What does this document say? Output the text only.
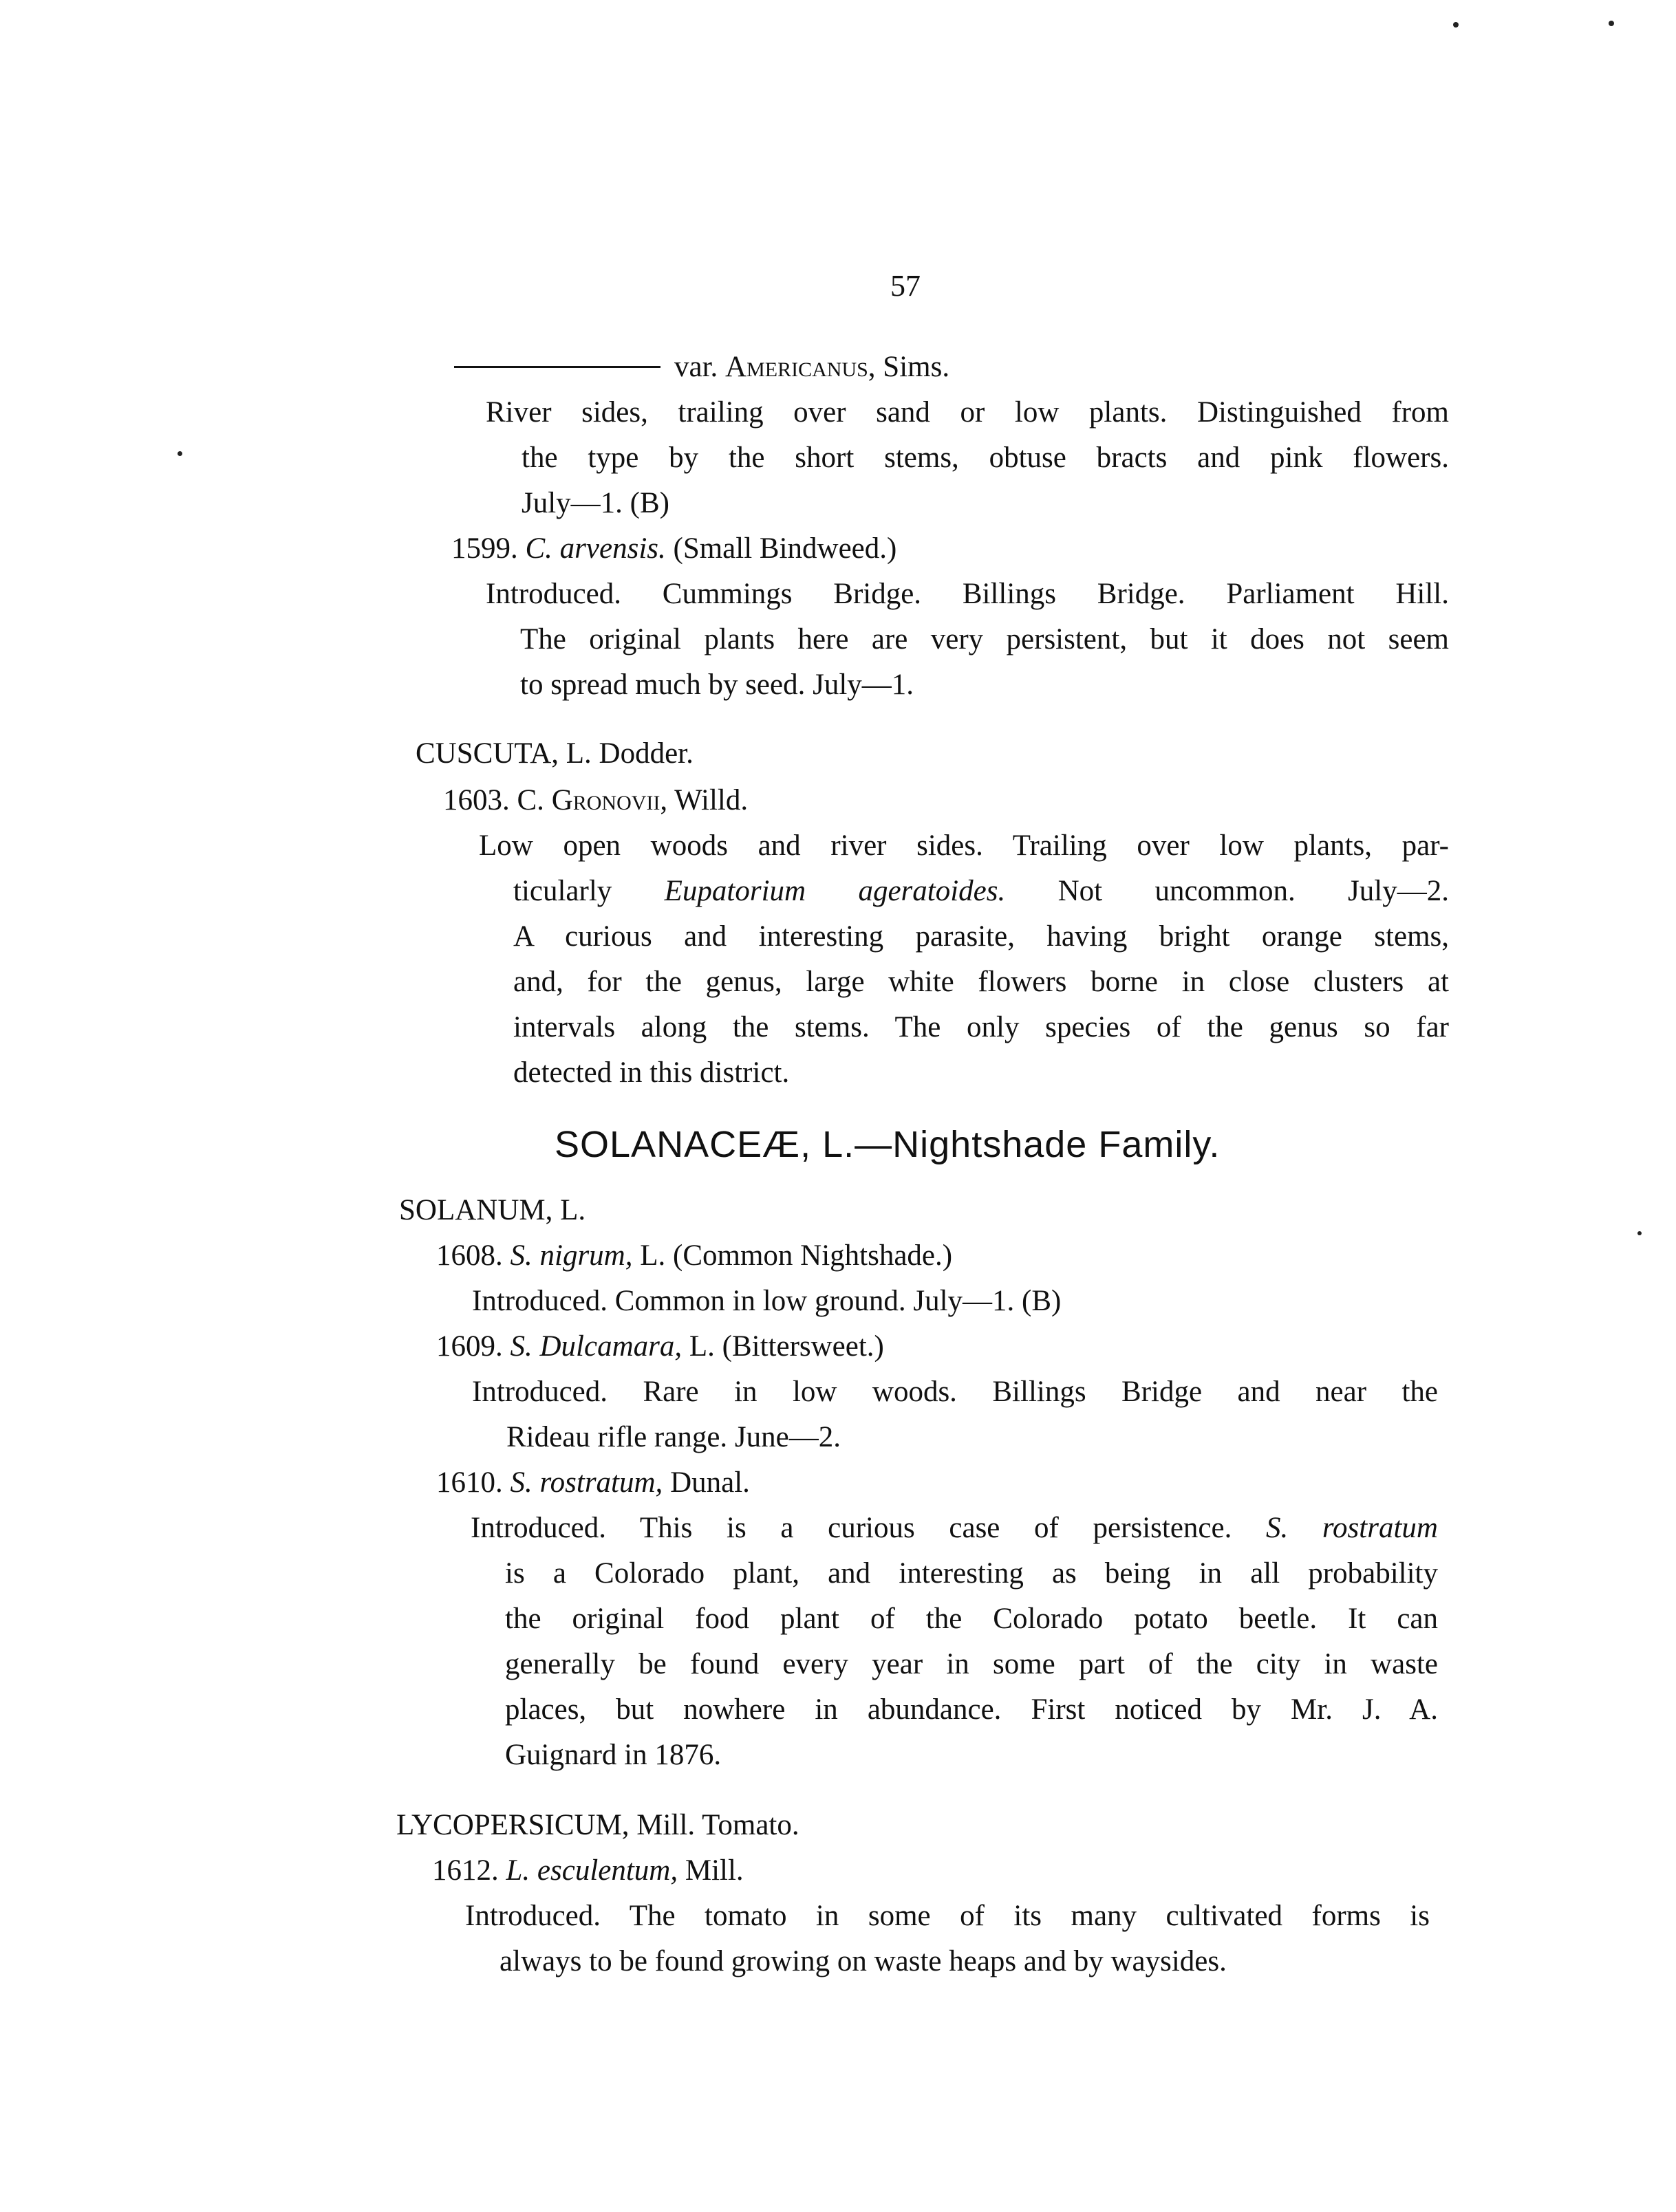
57
var. Americanus, Sims.
River sides, trailing over sand or low plants. Distinguished from
the type by the short stems, obtuse bracts and pink flowers.
July—1. (B)
1599. C. arvensis. (Small Bindweed.)
Introduced. Cummings Bridge. Billings Bridge. Parliament Hill.
The original plants here are very persistent, but it does not seem
to spread much by seed. July—1.
CUSCUTA, L. Dodder.
1603. C. Gronovii, Willd.
Low open woods and river sides. Trailing over low plants, par-
ticularly Eupatorium ageratoides. Not uncommon. July—2.
A curious and interesting parasite, having bright orange stems,
and, for the genus, large white flowers borne in close clusters at
intervals along the stems. The only species of the genus so far
detected in this district.
SOLANACEÆ, L.—Nightshade Family.
SOLANUM, L.
1608. S. nigrum, L. (Common Nightshade.)
Introduced. Common in low ground. July—1. (B)
1609. S. Dulcamara, L. (Bittersweet.)
Introduced. Rare in low woods. Billings Bridge and near the
Rideau rifle range. June—2.
1610. S. rostratum, Dunal.
Introduced. This is a curious case of persistence. S. rostratum
is a Colorado plant, and interesting as being in all probability
the original food plant of the Colorado potato beetle. It can
generally be found every year in some part of the city in waste
places, but nowhere in abundance. First noticed by Mr. J. A.
Guignard in 1876.
LYCOPERSICUM, Mill. Tomato.
1612. L. esculentum, Mill.
Introduced. The tomato in some of its many cultivated forms is
always to be found growing on waste heaps and by waysides.
